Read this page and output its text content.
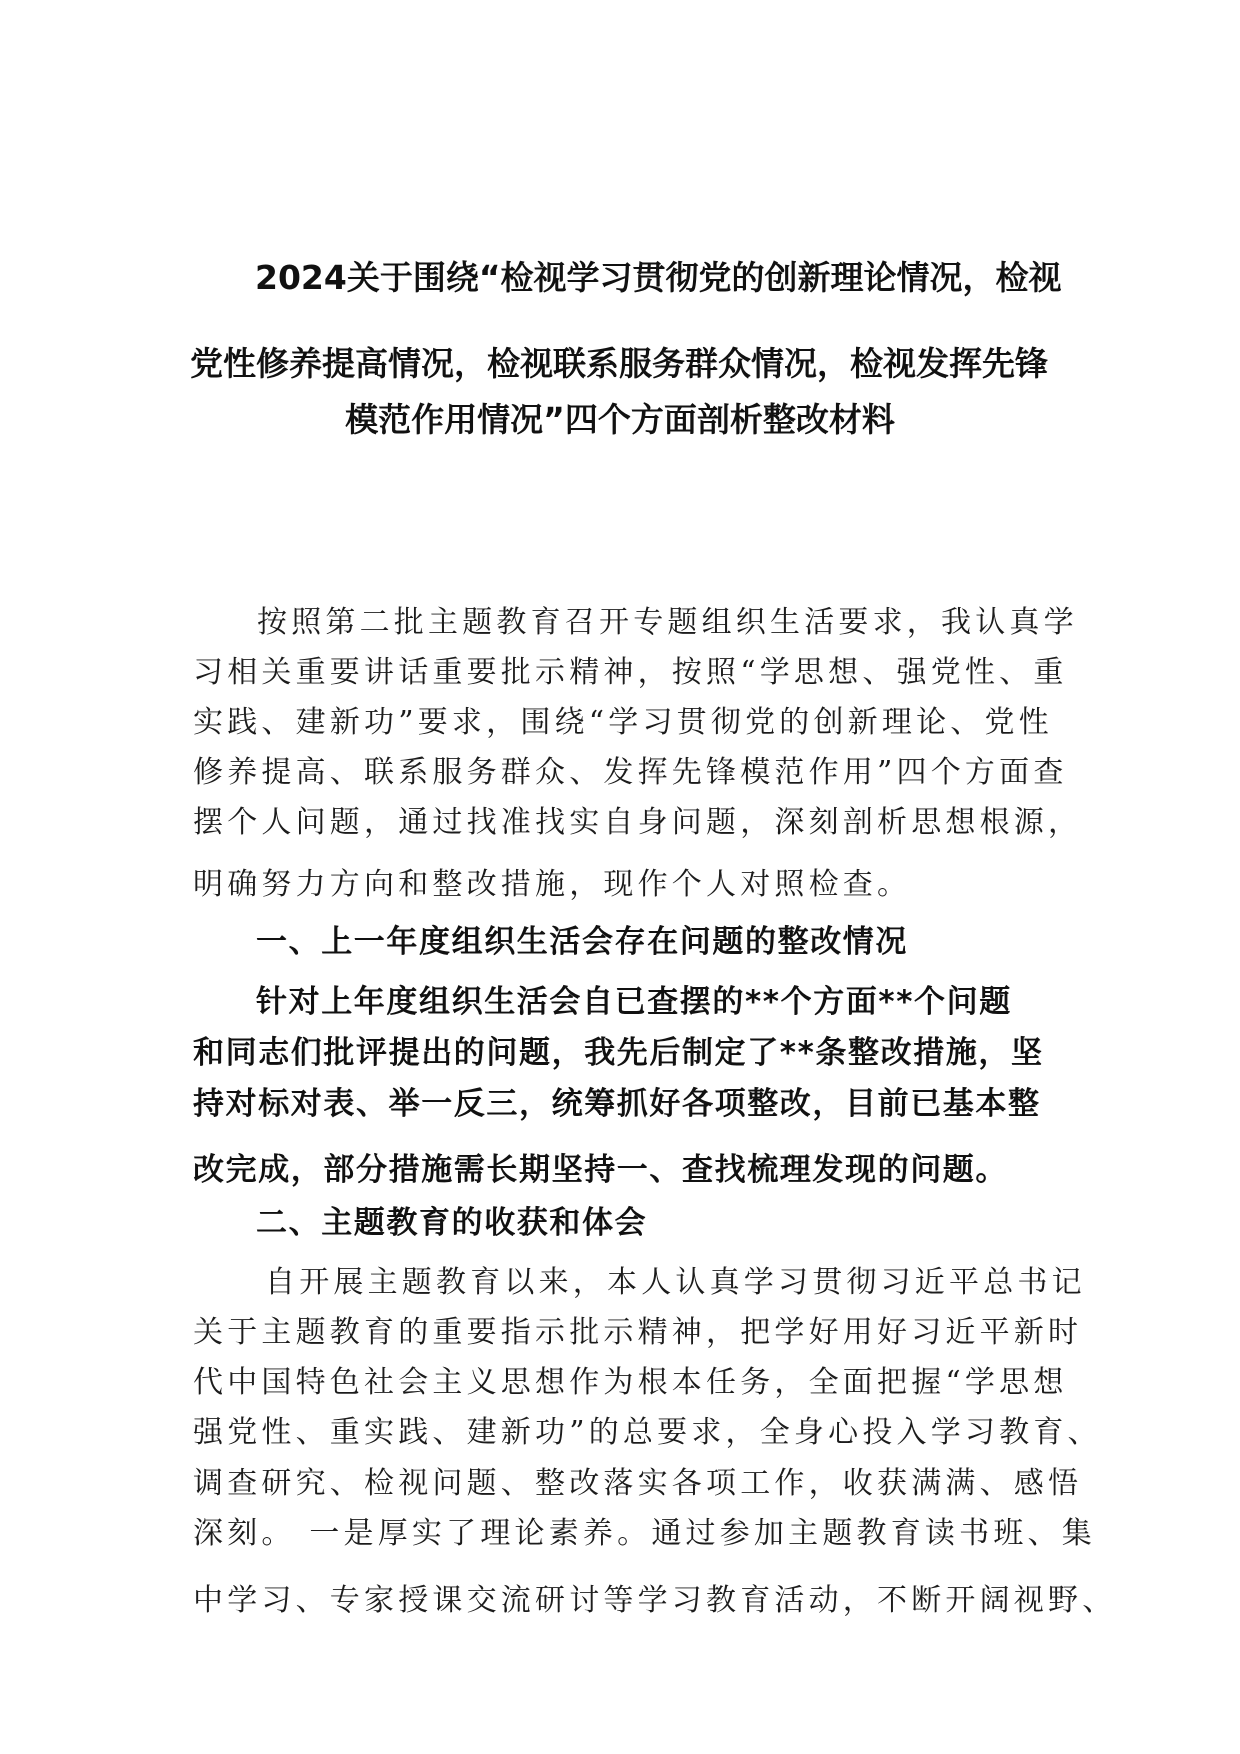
2024关于围绕“检视学习贯彻党的创新理论情况，检视
党性修养提高情况，检视联系服务群众情况，检视发挥先锋
模范作用情况”四个方面剖析整改材料
按照第二批主题教育召开专题组织生活要求，我认真学
习相关重要讲话重要批示精神，按照“学思想、强党性、重
实践、建新功”要求，围绕“学习贯彻党的创新理论、党性
修养提高、联系服务群众、发挥先锋模范作用”四个方面查
摆个人问题，通过找准找实自身问题，深刻剖析思想根源，
明确努力方向和整改措施，现作个人对照检查。
一、上一年度组织生活会存在问题的整改情况
针对上年度组织生活会自已查摆的**个方面**个问题
和同志们批评提出的问题，我先后制定了**条整改措施，坚
持对标对表、举一反三，统筹抓好各项整改，目前已基本整
改完成，部分措施需长期坚持一、查找梳理发现的问题。
二、主题教育的收获和体会
自开展主题教育以来，本人认真学习贯彻习近平总书记
关于主题教育的重要指示批示精神，把学好用好习近平新时
代中国特色社会主义思想作为根本任务，全面把握“学思想
强党性、重实践、建新功”的总要求，全身心投入学习教育、
调查研究、检视问题、整改落实各项工作，收获满满、感悟
深刻。 一是厚实了理论素养。通过参加主题教育读书班、集
中学习、专家授课交流研讨等学习教育活动，不断开阔视野、
